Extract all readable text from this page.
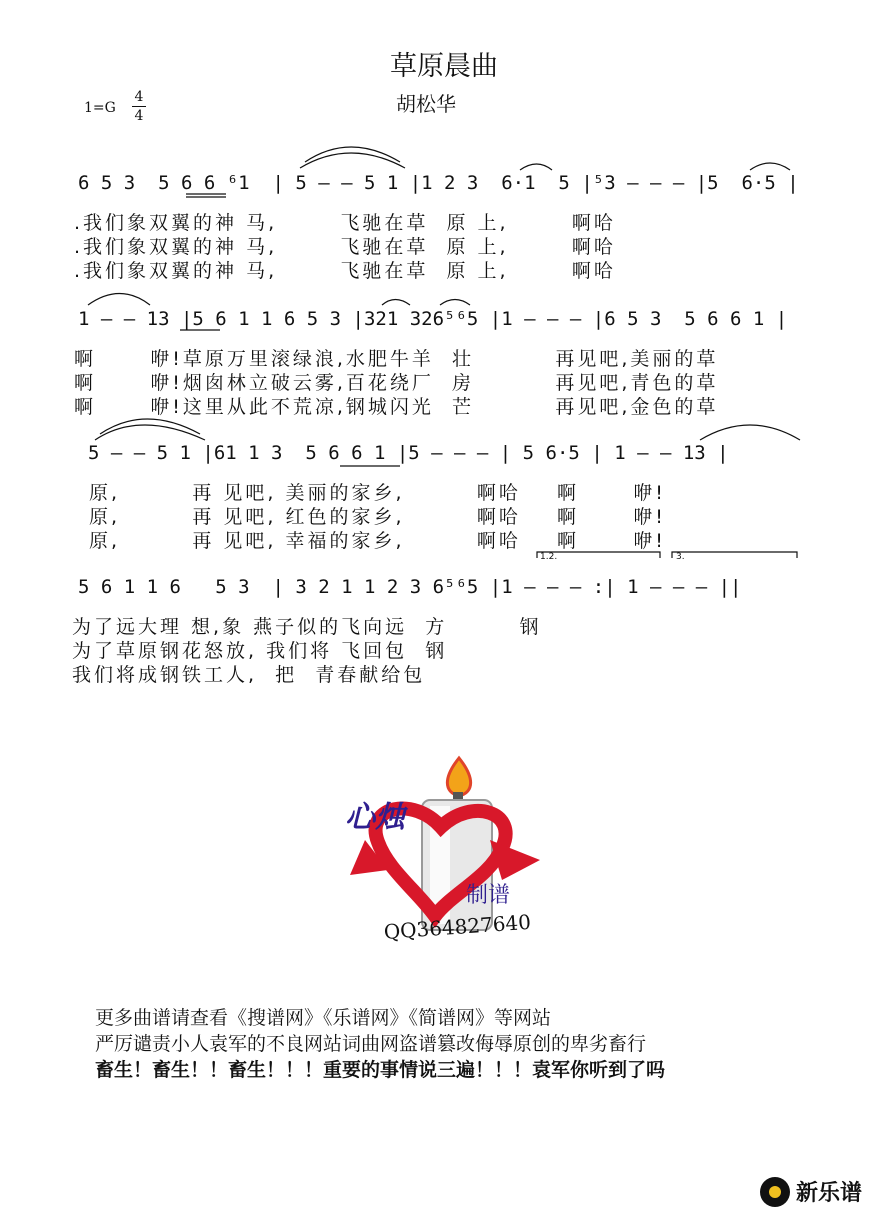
草原晨曲
胡松华
1=G
4
4
6 5 3  5 6 6 ⁶1  | 5 – – 5 1 |1 2 3  6·1  5 |⁵3 – – – |5  6·5 |
.我们象双翼的神 马,       飞驰在草  原 上,       啊哈
.我们象双翼的神 马,       飞驰在草  原 上,       啊哈
.我们象双翼的神 马,       飞驰在草  原 上,       啊哈
1 – – 13 |5 6 1 1 6 5 3 |321 326⁵⁶5 |1 – – – |6 5 3  5 6 6 1 |
啊      咿!草原万里滚绿浪,水肥牛羊  壮         再见吧,美丽的草
啊      咿!烟囱林立破云雾,百花绕厂  房         再见吧,青色的草
啊      咿!这里从此不荒凉,钢城闪光  芒         再见吧,金色的草
5 – – 5 1 |61 1 3  5 6 6 1 |5 – – – | 5 6·5 | 1 – – 13 |
原,        再 见吧, 美丽的家乡,        啊哈    啊      咿!
原,        再 见吧, 红色的家乡,        啊哈    啊      咿!
原,        再 见吧, 幸福的家乡,        啊哈    啊      咿!
5 6 1 1 6   5 3  | 3 2 1 1 2 3 6⁵⁶5 |1 – – – :| 1 – – – ||
1.2.	3.
为了远大理 想,象 燕子似的飞向远  方        钢
为了草原钢花怒放, 我们将 飞回包  钢
我们将成钢铁工人,  把  青春献给包
心烛
制谱
QQ364827640
更多曲谱请查看《搜谱网》《乐谱网》《简谱网》等网站
严厉谴责小人袁军的不良网站词曲网盗谱篡改侮辱原创的卑劣畜行
畜生！畜生！！畜生！！！重要的事情说三遍！！！袁军你听到了吗
新乐谱
